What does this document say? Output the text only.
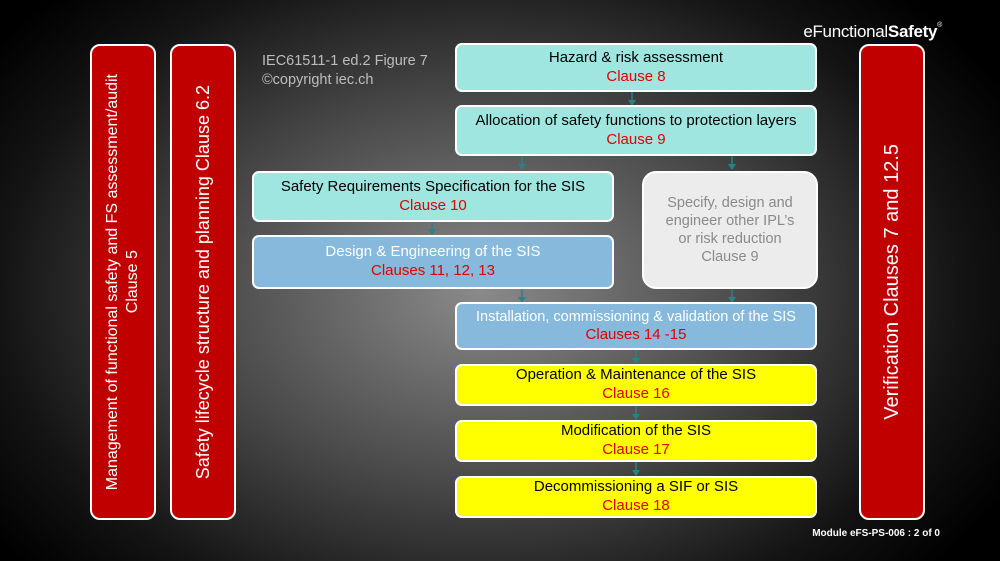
eFunctionalSafety®
IEC61511-1 ed.2 Figure 7
©copyright iec.ch
Management of functional safety and FS assessment/audit Clause 5	Safety lifecycle structure and planning Clause 6.2	Verification Clauses 7 and 12.5
Hazard & risk assessment
Clause 8
Allocation of safety functions to protection layers
Clause 9
Safety Requirements Specification for the SIS
Clause 10
Design & Engineering of the SIS
Clauses 11, 12, 13
Specify, design and
engineer other IPL’s
or risk reduction
Clause 9
Installation, commissioning & validation of the SIS
Clauses 14 -15
Operation & Maintenance of the SIS
Clause 16
Modification of the SIS
Clause 17
Decommissioning a SIF or SIS
Clause 18
Module eFS-PS-006 : 2 of 0
